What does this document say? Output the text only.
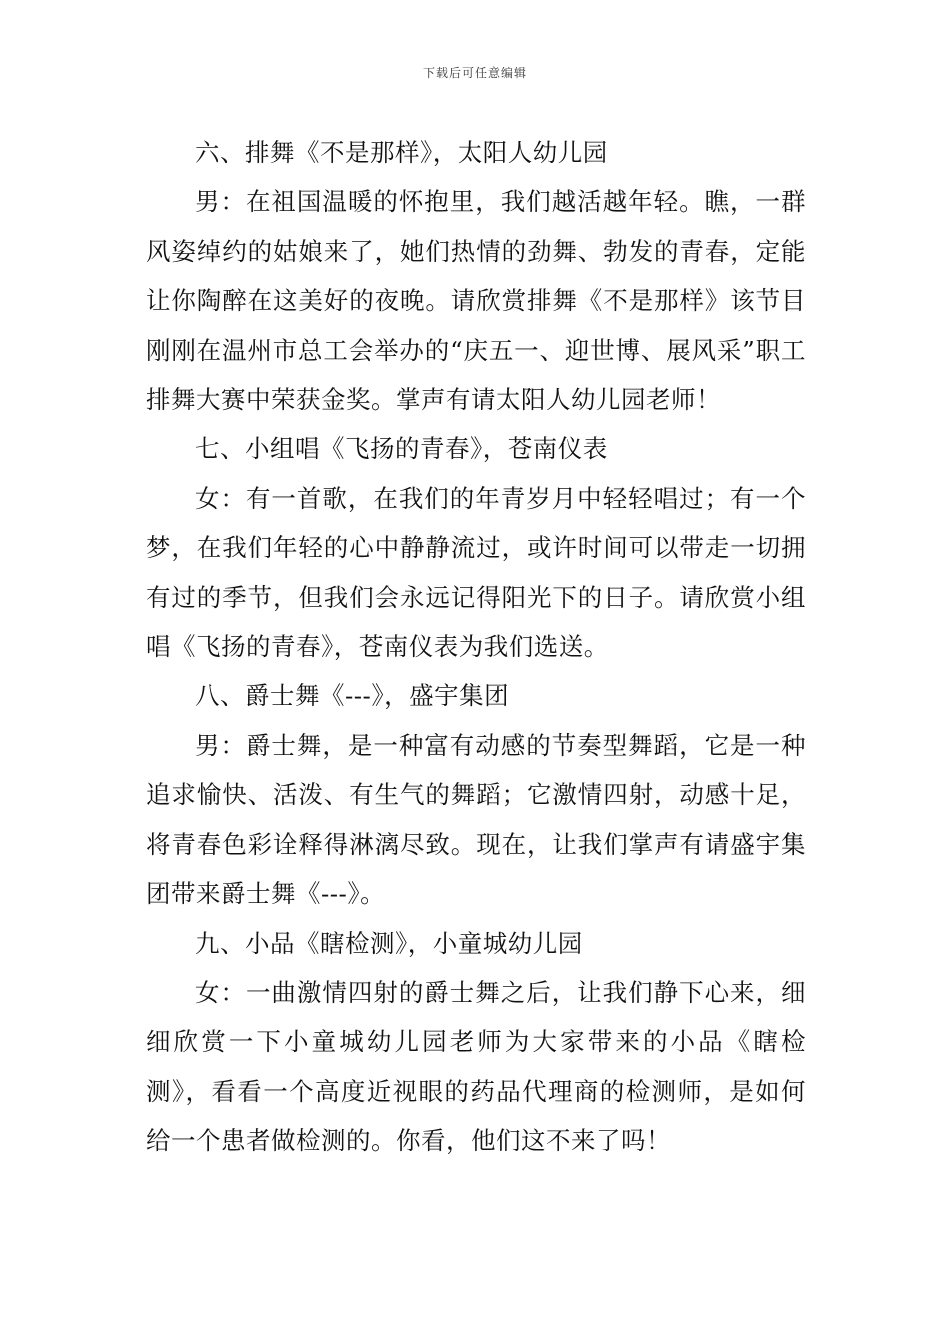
下载后可任意编辑

六、排舞《不是那样》，太阳人幼儿园

男：在祖国温暖的怀抱里，我们越活越年轻。瞧，一群风姿绰约的姑娘来了，她们热情的劲舞、勃发的青春，定能让你陶醉在这美好的夜晚。请欣赏排舞《不是那样》该节目刚刚在温州市总工会举办的“庆五一、迎世博、展风采”职工排舞大赛中荣获金奖。掌声有请太阳人幼儿园老师！

七、小组唱《飞扬的青春》，苍南仪表

女：有一首歌，在我们的年青岁月中轻轻唱过；有一个梦，在我们年轻的心中静静流过，或许时间可以带走一切拥有过的季节，但我们会永远记得阳光下的日子。请欣赏小组唱《飞扬的青春》，苍南仪表为我们选送。

八、爵士舞《---》，盛宇集团

男：爵士舞，是一种富有动感的节奏型舞蹈，它是一种追求愉快、活泼、有生气的舞蹈；它激情四射，动感十足，将青春色彩诠释得淋漓尽致。现在，让我们掌声有请盛宇集团带来爵士舞《---》。

九、小品《瞎检测》，小童城幼儿园

女：一曲激情四射的爵士舞之后，让我们静下心来，细细欣赏一下小童城幼儿园老师为大家带来的小品《瞎检测》，看看一个高度近视眼的药品代理商的检测师，是如何给一个患者做检测的。你看，他们这不来了吗！
